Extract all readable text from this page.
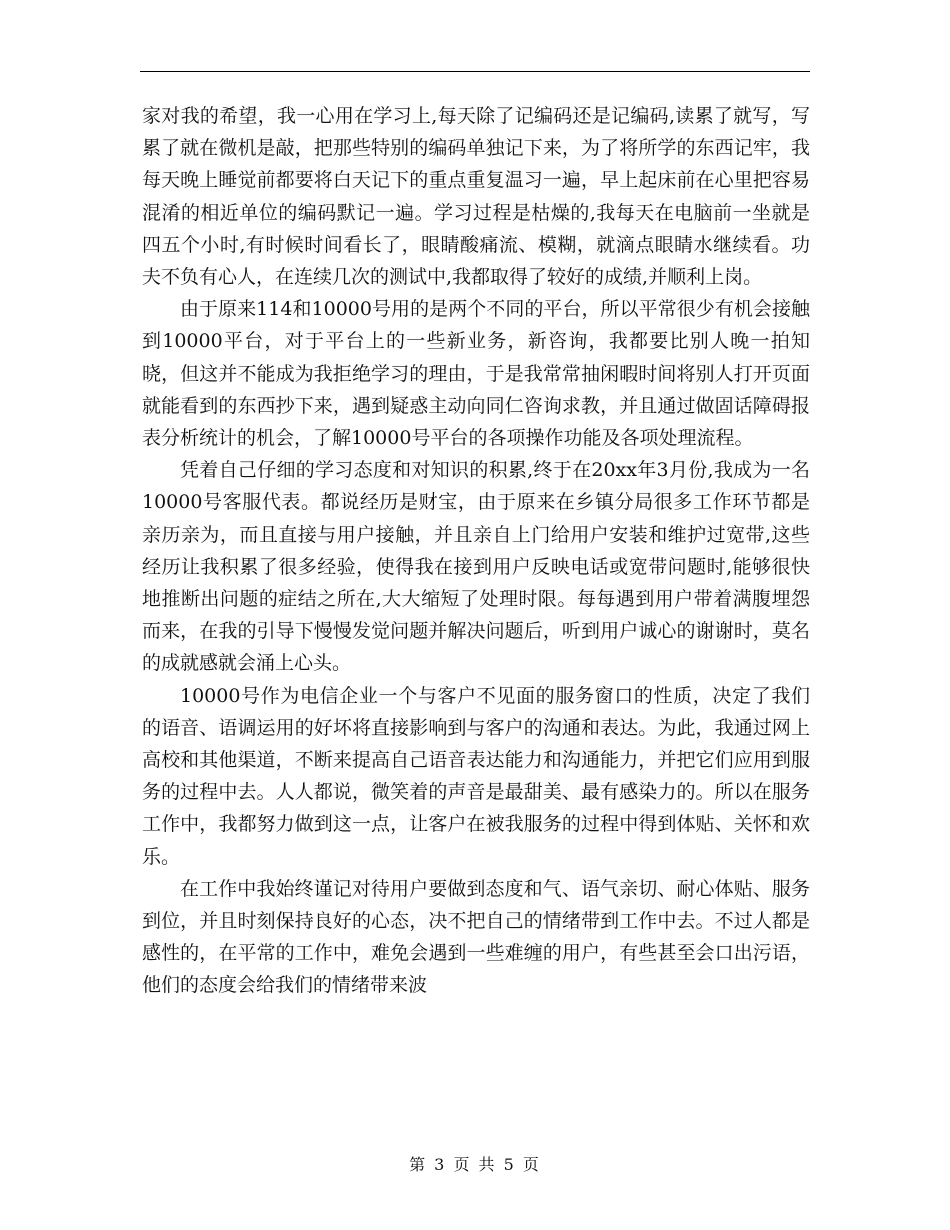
家对我的希望，我一心用在学习上,每天除了记编码还是记编码,读累了就写，写累了就在微机是敲，把那些特别的编码单独记下来，为了将所学的东西记牢，我每天晚上睡觉前都要将白天记下的重点重复温习一遍，早上起床前在心里把容易混淆的相近单位的编码默记一遍。学习过程是枯燥的,我每天在电脑前一坐就是四五个小时,有时候时间看长了，眼睛酸痛流、模糊，就滴点眼睛水继续看。功夫不负有心人，在连续几次的测试中,我都取得了较好的成绩,并顺利上岗。

由于原来114和10000号用的是两个不同的平台，所以平常很少有机会接触到10000平台，对于平台上的一些新业务，新咨询，我都要比别人晚一拍知晓，但这并不能成为我拒绝学习的理由，于是我常常抽闲暇时间将别人打开页面就能看到的东西抄下来，遇到疑惑主动向同仁咨询求教，并且通过做固话障碍报表分析统计的机会，了解10000号平台的各项操作功能及各项处理流程。

凭着自己仔细的学习态度和对知识的积累,终于在20xx年3月份,我成为一名 10000号客服代表。都说经历是财宝，由于原来在乡镇分局很多工作环节都是亲历亲为，而且直接与用户接触，并且亲自上门给用户安装和维护过宽带,这些经历让我积累了很多经验，使得我在接到用户反映电话或宽带问题时,能够很快地推断出问题的症结之所在,大大缩短了处理时限。每每遇到用户带着满腹埋怨而来，在我的引导下慢慢发觉问题并解决问题后，听到用户诚心的谢谢时，莫名的成就感就会涌上心头。

10000号作为电信企业一个与客户不见面的服务窗口的性质，决定了我们的语音、语调运用的好坏将直接影响到与客户的沟通和表达。为此，我通过网上高校和其他渠道，不断来提高自己语音表达能力和沟通能力，并把它们应用到服务的过程中去。人人都说，微笑着的声音是最甜美、最有感染力的。所以在服务工作中，我都努力做到这一点，让客户在被我服务的过程中得到体贴、关怀和欢乐。

在工作中我始终谨记对待用户要做到态度和气、语气亲切、耐心体贴、服务到位，并且时刻保持良好的心态，决不把自己的情绪带到工作中去。不过人都是感性的，在平常的工作中，难免会遇到一些难缠的用户，有些甚至会口出污语，他们的态度会给我们的情绪带来波

第 3 页 共 5 页
